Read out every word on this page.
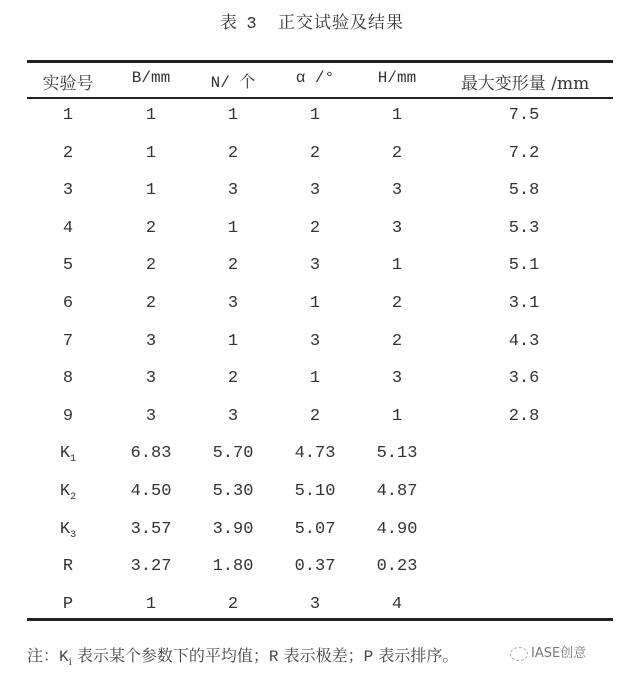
表 3 正交试验及结果
实验号 B/mm	N/ 个	α /°	H/mm	最大变形量 /mm
1	1	1	1	1	7.5
2	1	2	2	2	7.2
3	1	3	3	3	5.8
4	2	1	2	3	5.3
5	2	2	3	1	5.1
6	2	3	1	2	3.1
7	3	1	3	2	4.3
8	3	2	1	3	3.6
9	3	3	2	1	2.8
$K_1$	6.83 5.70 4.73 5.13
$K_2$	4.50 5.30 5.10 4.87
$K_3$	3.57 3.90 5.07 4.90
R	3.27 1.80 0.37 0.23
P	1	2	3	4
注：$K_i$ 表示某个参数下的平均值；R 表示极差；P 表示排序。	IASE创意
